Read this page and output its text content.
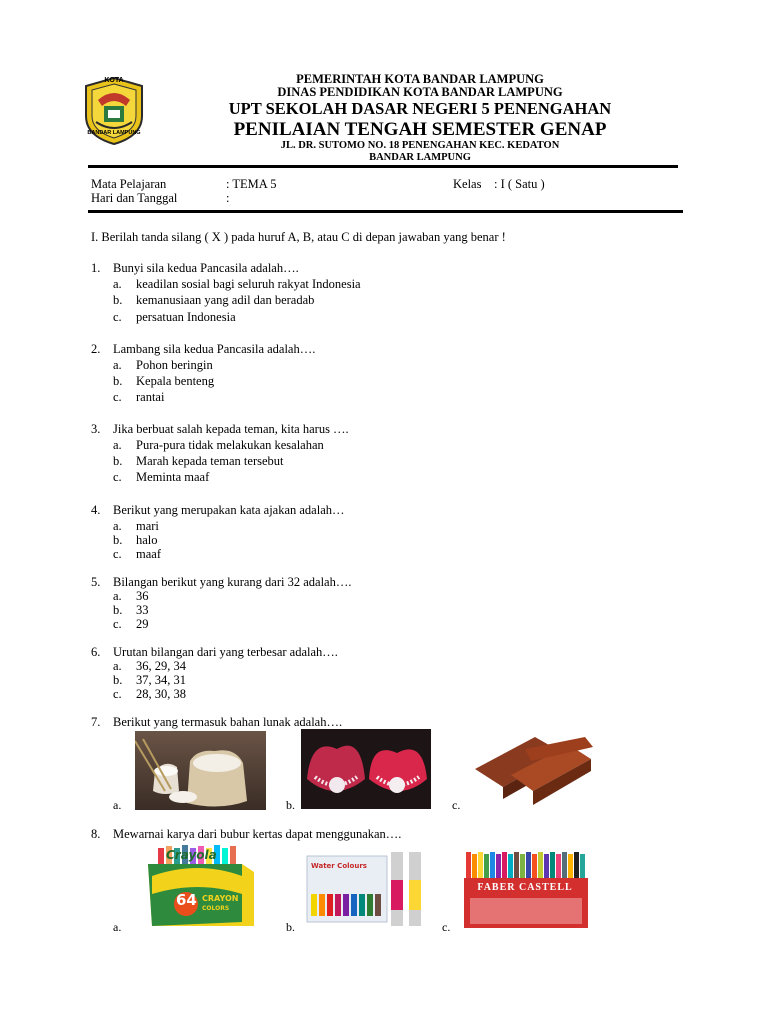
KOTA
BANDAR LAMPUNG
PEMERINTAH KOTA BANDAR LAMPUNG
DINAS PENDIDIKAN KOTA BANDAR LAMPUNG
UPT SEKOLAH DASAR NEGERI 5 PENENGAHAN
PENILAIAN TENGAH SEMESTER GENAP
JL. DR. SUTOMO NO. 18 PENENGAHAN KEC. KEDATON
BANDAR LAMPUNG
Mata Pelajaran	: TEMA 5	Kelas : I ( Satu )
Hari dan Tanggal	:
I. Berilah tanda silang ( X ) pada huruf A, B, atau C di depan jawaban yang benar !
1. Bunyi sila kedua Pancasila adalah….
a. keadilan sosial bagi seluruh rakyat Indonesia
b. kemanusiaan yang adil dan beradab
c. persatuan Indonesia
2. Lambang sila kedua Pancasila adalah….
a. Pohon beringin
b. Kepala benteng
c. rantai
3. Jika berbuat salah kepada teman, kita harus ….
a. Pura-pura tidak melakukan kesalahan
b. Marah kepada teman tersebut
c. Meminta maaf
4. Berikut yang merupakan kata ajakan adalah…
a. mari
b. halo
c. maaf
5. Bilangan berikut yang kurang dari 32 adalah….
a. 36
b. 33
c. 29
6. Urutan bilangan dari yang terbesar adalah….
a. 36, 29, 34
b. 37, 34, 31
c. 28, 30, 38
7. Berikut yang termasuk bahan lunak adalah….
a.	b.	c.
8. Mewarnai karya dari bubur kertas dapat menggunakan….
a.
Crayola
64 CRAYON
COLORS
b.
Water Colours
c.
FABER CASTELL
